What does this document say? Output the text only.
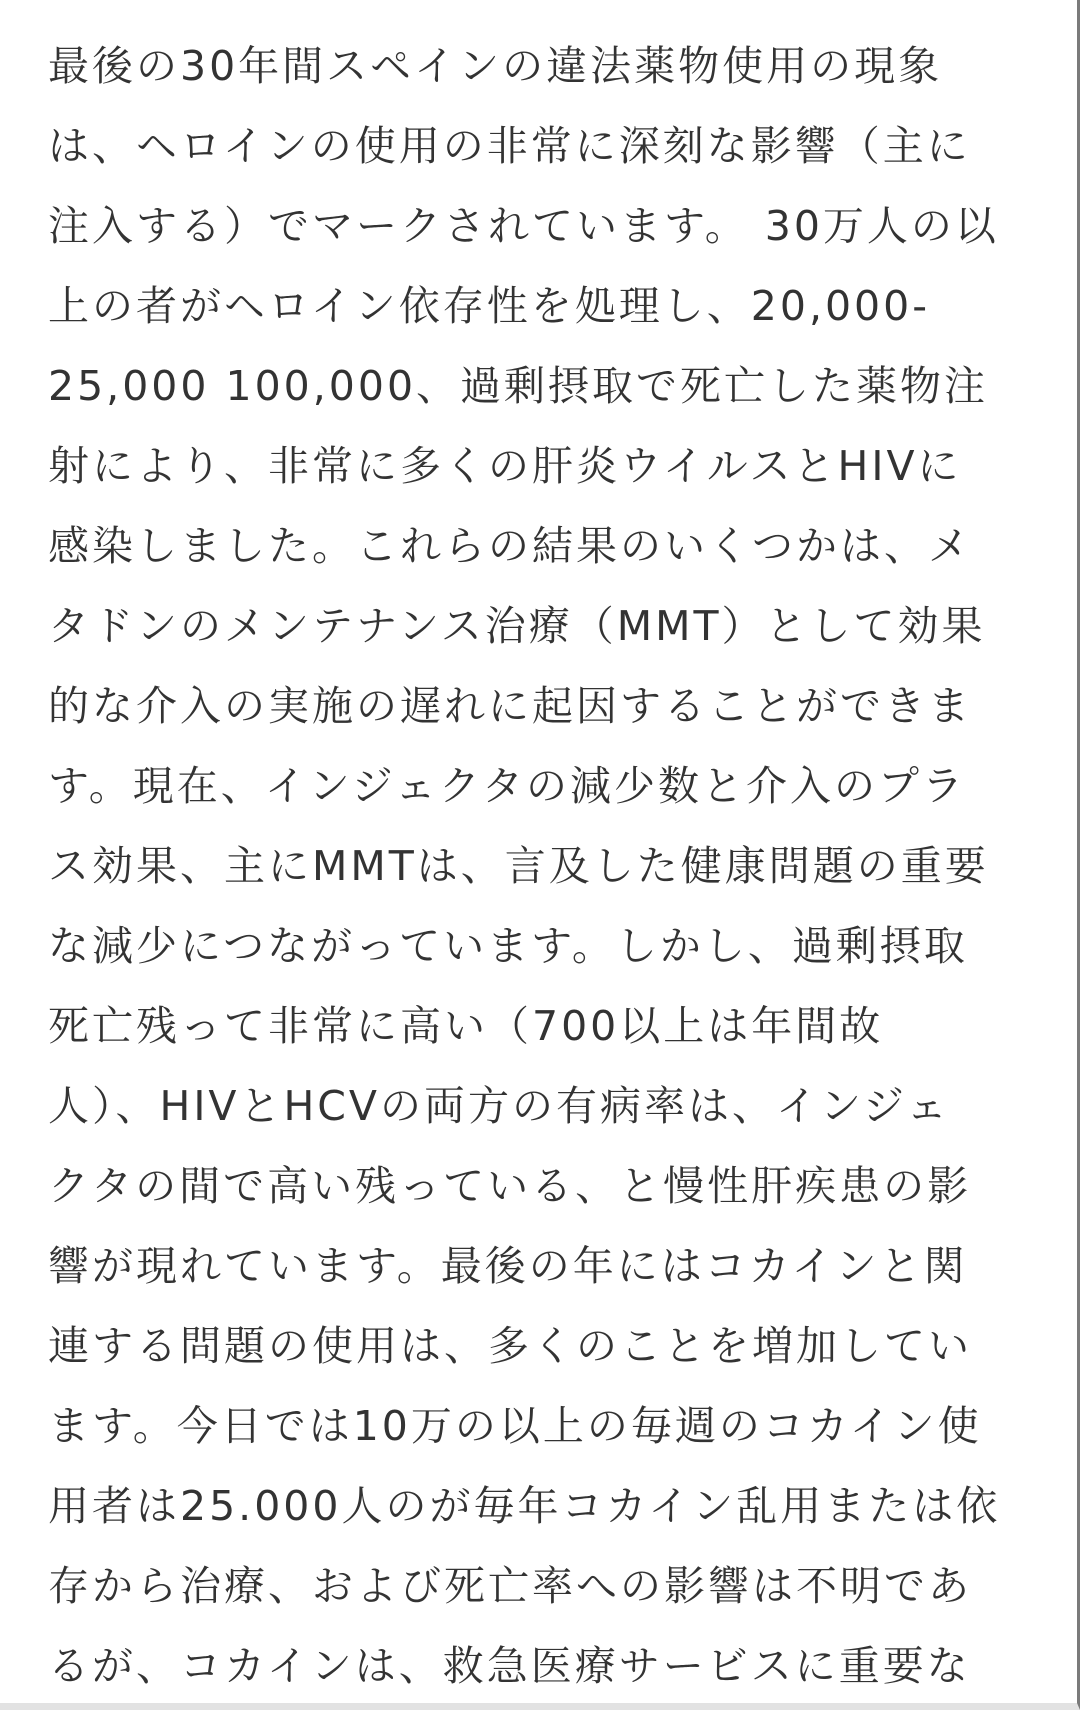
最後の30年間スペインの違法薬物使用の現象
は、ヘロインの使用の非常に深刻な影響（主に
注入する）でマークされています。 30万人の以
上の者がヘロイン依存性を処理し、20,000-
25,000 100,000、過剰摂取で死亡した薬物注
射により、非常に多くの肝炎ウイルスとHIVに
感染しました。これらの結果のいくつかは、メ
タドンのメンテナンス治療（MMT）として効果
的な介入の実施の遅れに起因することができま
す。現在、インジェクタの減少数と介入のプラ
ス効果、主にMMTは、言及した健康問題の重要
な減少につながっています。しかし、過剰摂取
死亡残って非常に高い（700以上は年間故
人）、HIVとHCVの両方の有病率は、インジェ
クタの間で高い残っている、と慢性肝疾患の影
響が現れています。最後の年にはコカインと関
連する問題の使用は、多くのことを増加してい
ます。今日では10万の以上の毎週のコカイン使
用者は25.000人のが毎年コカイン乱用または依
存から治療、および死亡率への影響は不明であ
るが、コカインは、救急医療サービスに重要な
